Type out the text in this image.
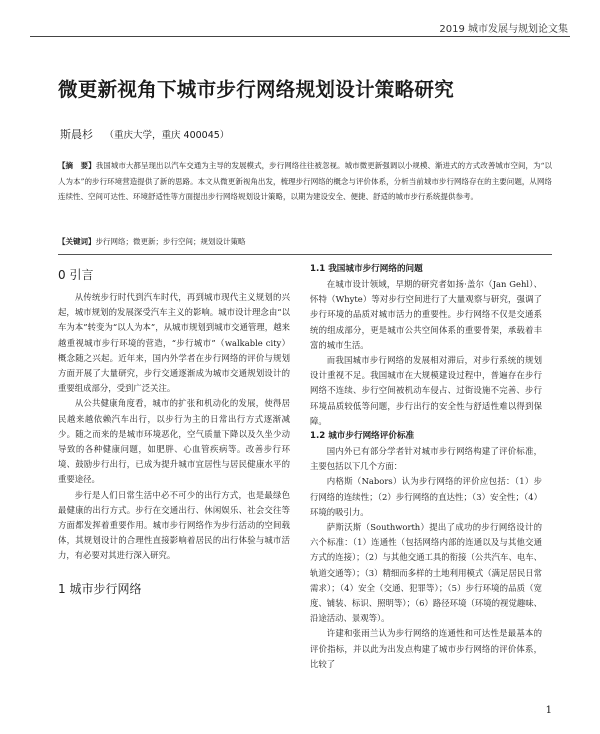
2019 城市发展与规划论文集
微更新视角下城市步行网络规划设计策略研究
斯晨杉 （重庆大学，重庆 400045）
【摘　要】我国城市大都呈现出以汽车交通为主导的发展模式，步行网络往往被忽视。城市微更新强调以小规模、渐进式的方式改善城市空间，为“以人为本”的步行环境营造提供了新的思路。本文从微更新视角出发，梳理步行网络的概念与评价体系，分析当前城市步行网络存在的主要问题，从网络连续性、空间可达性、环境舒适性等方面提出步行网络规划设计策略，以期为建设安全、便捷、舒适的城市步行系统提供参考。
【关键词】步行网络；微更新；步行空间；规划设计策略
0 引言

从传统步行时代到汽车时代，再到城市现代主义规划的兴起，城市规划的发展深受汽车主义的影响。城市设计理念由“以车为本”转变为“以人为本”，从城市规划到城市交通管理，越来越重视城市步行环境的营造，“步行城市”（walkable city）概念随之兴起。近年来，国内外学者在步行网络的评价与规划方面开展了大量研究，步行交通逐渐成为城市交通规划设计的重要组成部分，受到广泛关注。

从公共健康角度看，城市的扩张和机动化的发展，使得居民越来越依赖汽车出行，以步行为主的日常出行方式逐渐减少。随之而来的是城市环境恶化，空气质量下降以及久坐少动导致的各种健康问题，如肥胖、心血管疾病等。改善步行环境、鼓励步行出行，已成为提升城市宜居性与居民健康水平的重要途径。

步行是人们日常生活中必不可少的出行方式，也是最绿色最健康的出行方式。步行在交通出行、休闲娱乐、社会交往等方面都发挥着重要作用。城市步行网络作为步行活动的空间载体，其规划设计的合理性直接影响着居民的出行体验与城市活力，有必要对其进行深入研究。

1 城市步行网络
1.1 我国城市步行网络的问题

在城市设计领域，早期的研究者如扬·盖尔（Jan Gehl）、怀特（Whyte）等对步行空间进行了大量观察与研究，强调了步行环境的品质对城市活力的重要性。步行网络不仅是交通系统的组成部分，更是城市公共空间体系的重要骨架，承载着丰富的城市生活。

而我国城市步行网络的发展相对滞后，对步行系统的规划设计重视不足。我国城市在大规模建设过程中，普遍存在步行网络不连续、步行空间被机动车侵占、过街设施不完善、步行环境品质较低等问题，步行出行的安全性与舒适性难以得到保障。

1.2 城市步行网络评价标准

国内外已有部分学者针对城市步行网络构建了评价标准，主要包括以下几个方面：

内格斯（Nabors）认为步行网络的评价应包括：（1）步行网络的连续性；（2）步行网络的直达性；（3）安全性；（4）环境的吸引力。

萨斯沃斯（Southworth）提出了成功的步行网络设计的六个标准：（1）连通性（包括网络内部的连通以及与其他交通方式的连接）；（2）与其他交通工具的衔接（公共汽车、电车、轨道交通等）；（3）精细而多样的土地利用模式（满足居民日常需求）；（4）安全（交通、犯罪等）；（5）步行环境的品质（宽度、铺装、标识、照明等）；（6）路径环境（环境的视觉趣味、沿途活动、景观等）。

许建和张雨兰认为步行网络的连通性和可达性是最基本的评价指标，并以此为出发点构建了城市步行网络的评价体系，比较了

1
